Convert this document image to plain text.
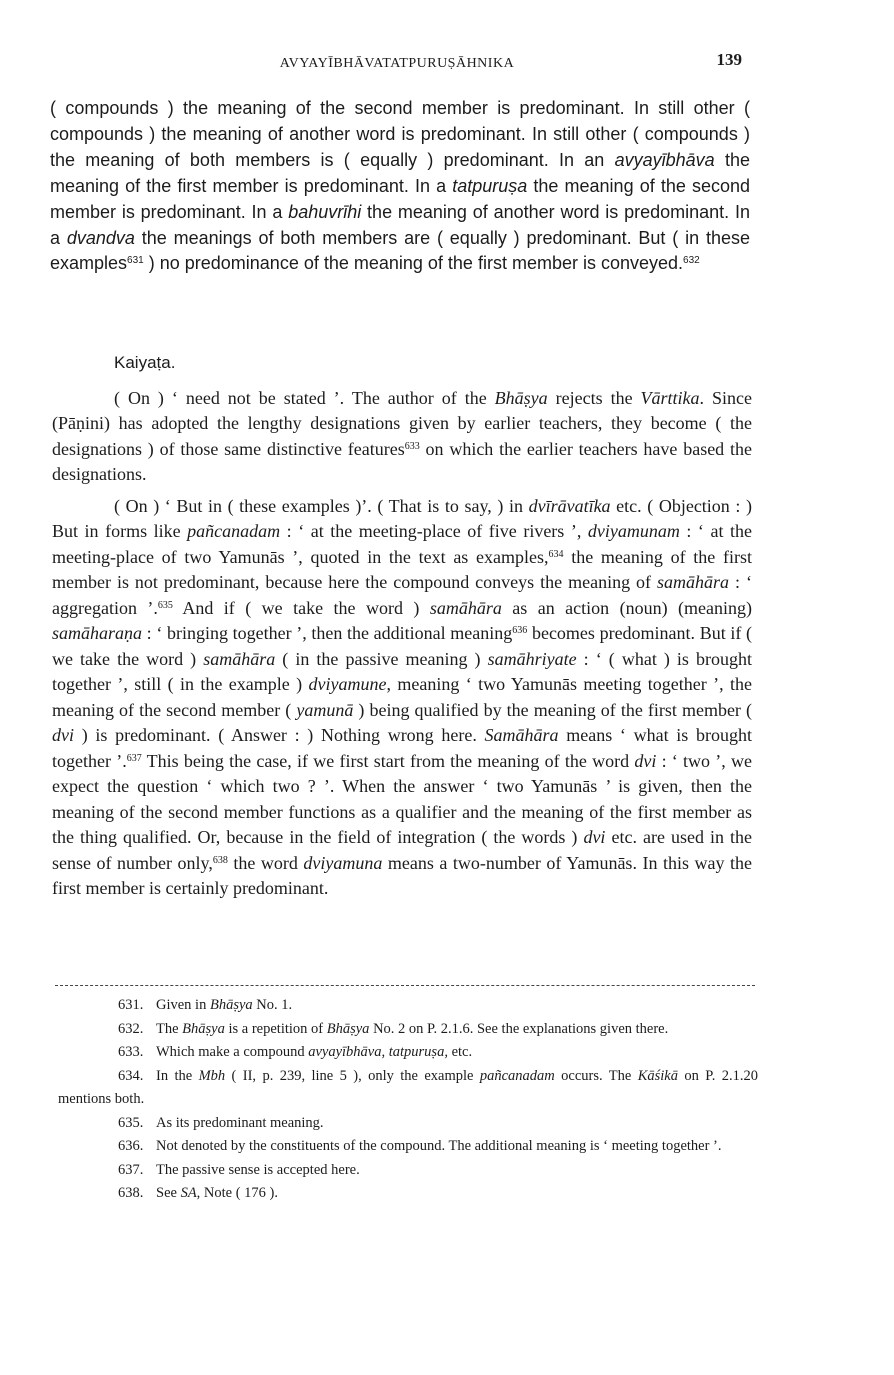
AVYAYĪBHĀVATATPURUṢĀHNIKA	139
( compounds ) the meaning of the second member is predominant. In still other ( compounds ) the meaning of another word is predominant. In still other ( compounds ) the meaning of both members is ( equally ) predominant. In an avyayībhāva the meaning of the first member is predominant. In a tatpuruṣa the meaning of the second member is predominant. In a bahuvrīhi the meaning of another word is predominant. In a dvandva the meanings of both members are ( equally ) predominant. But ( in these examples$^{631}$ ) no predominance of the meaning of the first member is conveyed.$^{632}$
Kaiyaṭa.

( On ) ‘ need not be stated ’. The author of the Bhāṣya rejects the Vārttika. Since (Pāṇini) has adopted the lengthy designations given by earlier teachers, they become ( the designations ) of those same distinctive features$^{633}$ on which the earlier teachers have based the designations.

( On ) ‘ But in ( these examples )’. ( That is to say, ) in dvīrāvatīka etc. ( Objection : ) But in forms like pañcanadam : ‘ at the meeting-place of five rivers ’, dviyamunam : ‘ at the meeting-place of two Yamunās ’, quoted in the text as examples,$^{634}$ the meaning of the first member is not predominant, because here the compound conveys the meaning of samāhāra : ‘ aggregation ’.$^{635}$ And if ( we take the word ) samāhāra as an action (noun) (meaning) samāharaṇa : ‘ bringing together ’, then the additional meaning$^{636}$ becomes predominant. But if ( we take the word ) samāhāra ( in the passive meaning ) samāhriyate : ‘ ( what ) is brought together ’, still ( in the example ) dviyamune, meaning ‘ two Yamunās meeting together ’, the meaning of the second member ( yamunā ) being qualified by the meaning of the first member ( dvi ) is predominant. ( Answer : ) Nothing wrong here. Samāhāra means ‘ what is brought together ’.$^{637}$ This being the case, if we first start from the meaning of the word dvi : ‘ two ’, we expect the question ‘ which two ? ’. When the answer ‘ two Yamunās ’ is given, then the meaning of the second member functions as a qualifier and the meaning of the first member as the thing qualified. Or, because in the field of integration ( the words ) dvi etc. are used in the sense of number only,$^{638}$ the word dviyamuna means a two-number of Yamunās. In this way the first member is certainly predominant.

631. Given in Bhāṣya No. 1.
632. The Bhāṣya is a repetition of Bhāṣya No. 2 on P. 2.1.6. See the explanations given there.
633. Which make a compound avyayībhāva, tatpuruṣa, etc.
634. In the Mbh ( II, p. 239, line 5 ), only the example pañcanadam occurs. The Kāśikā on P. 2.1.20 mentions both.
635. As its predominant meaning.
636. Not denoted by the constituents of the compound. The additional meaning is ‘ meeting together ’.
637. The passive sense is accepted here.
638. See SA, Note ( 176 ).
